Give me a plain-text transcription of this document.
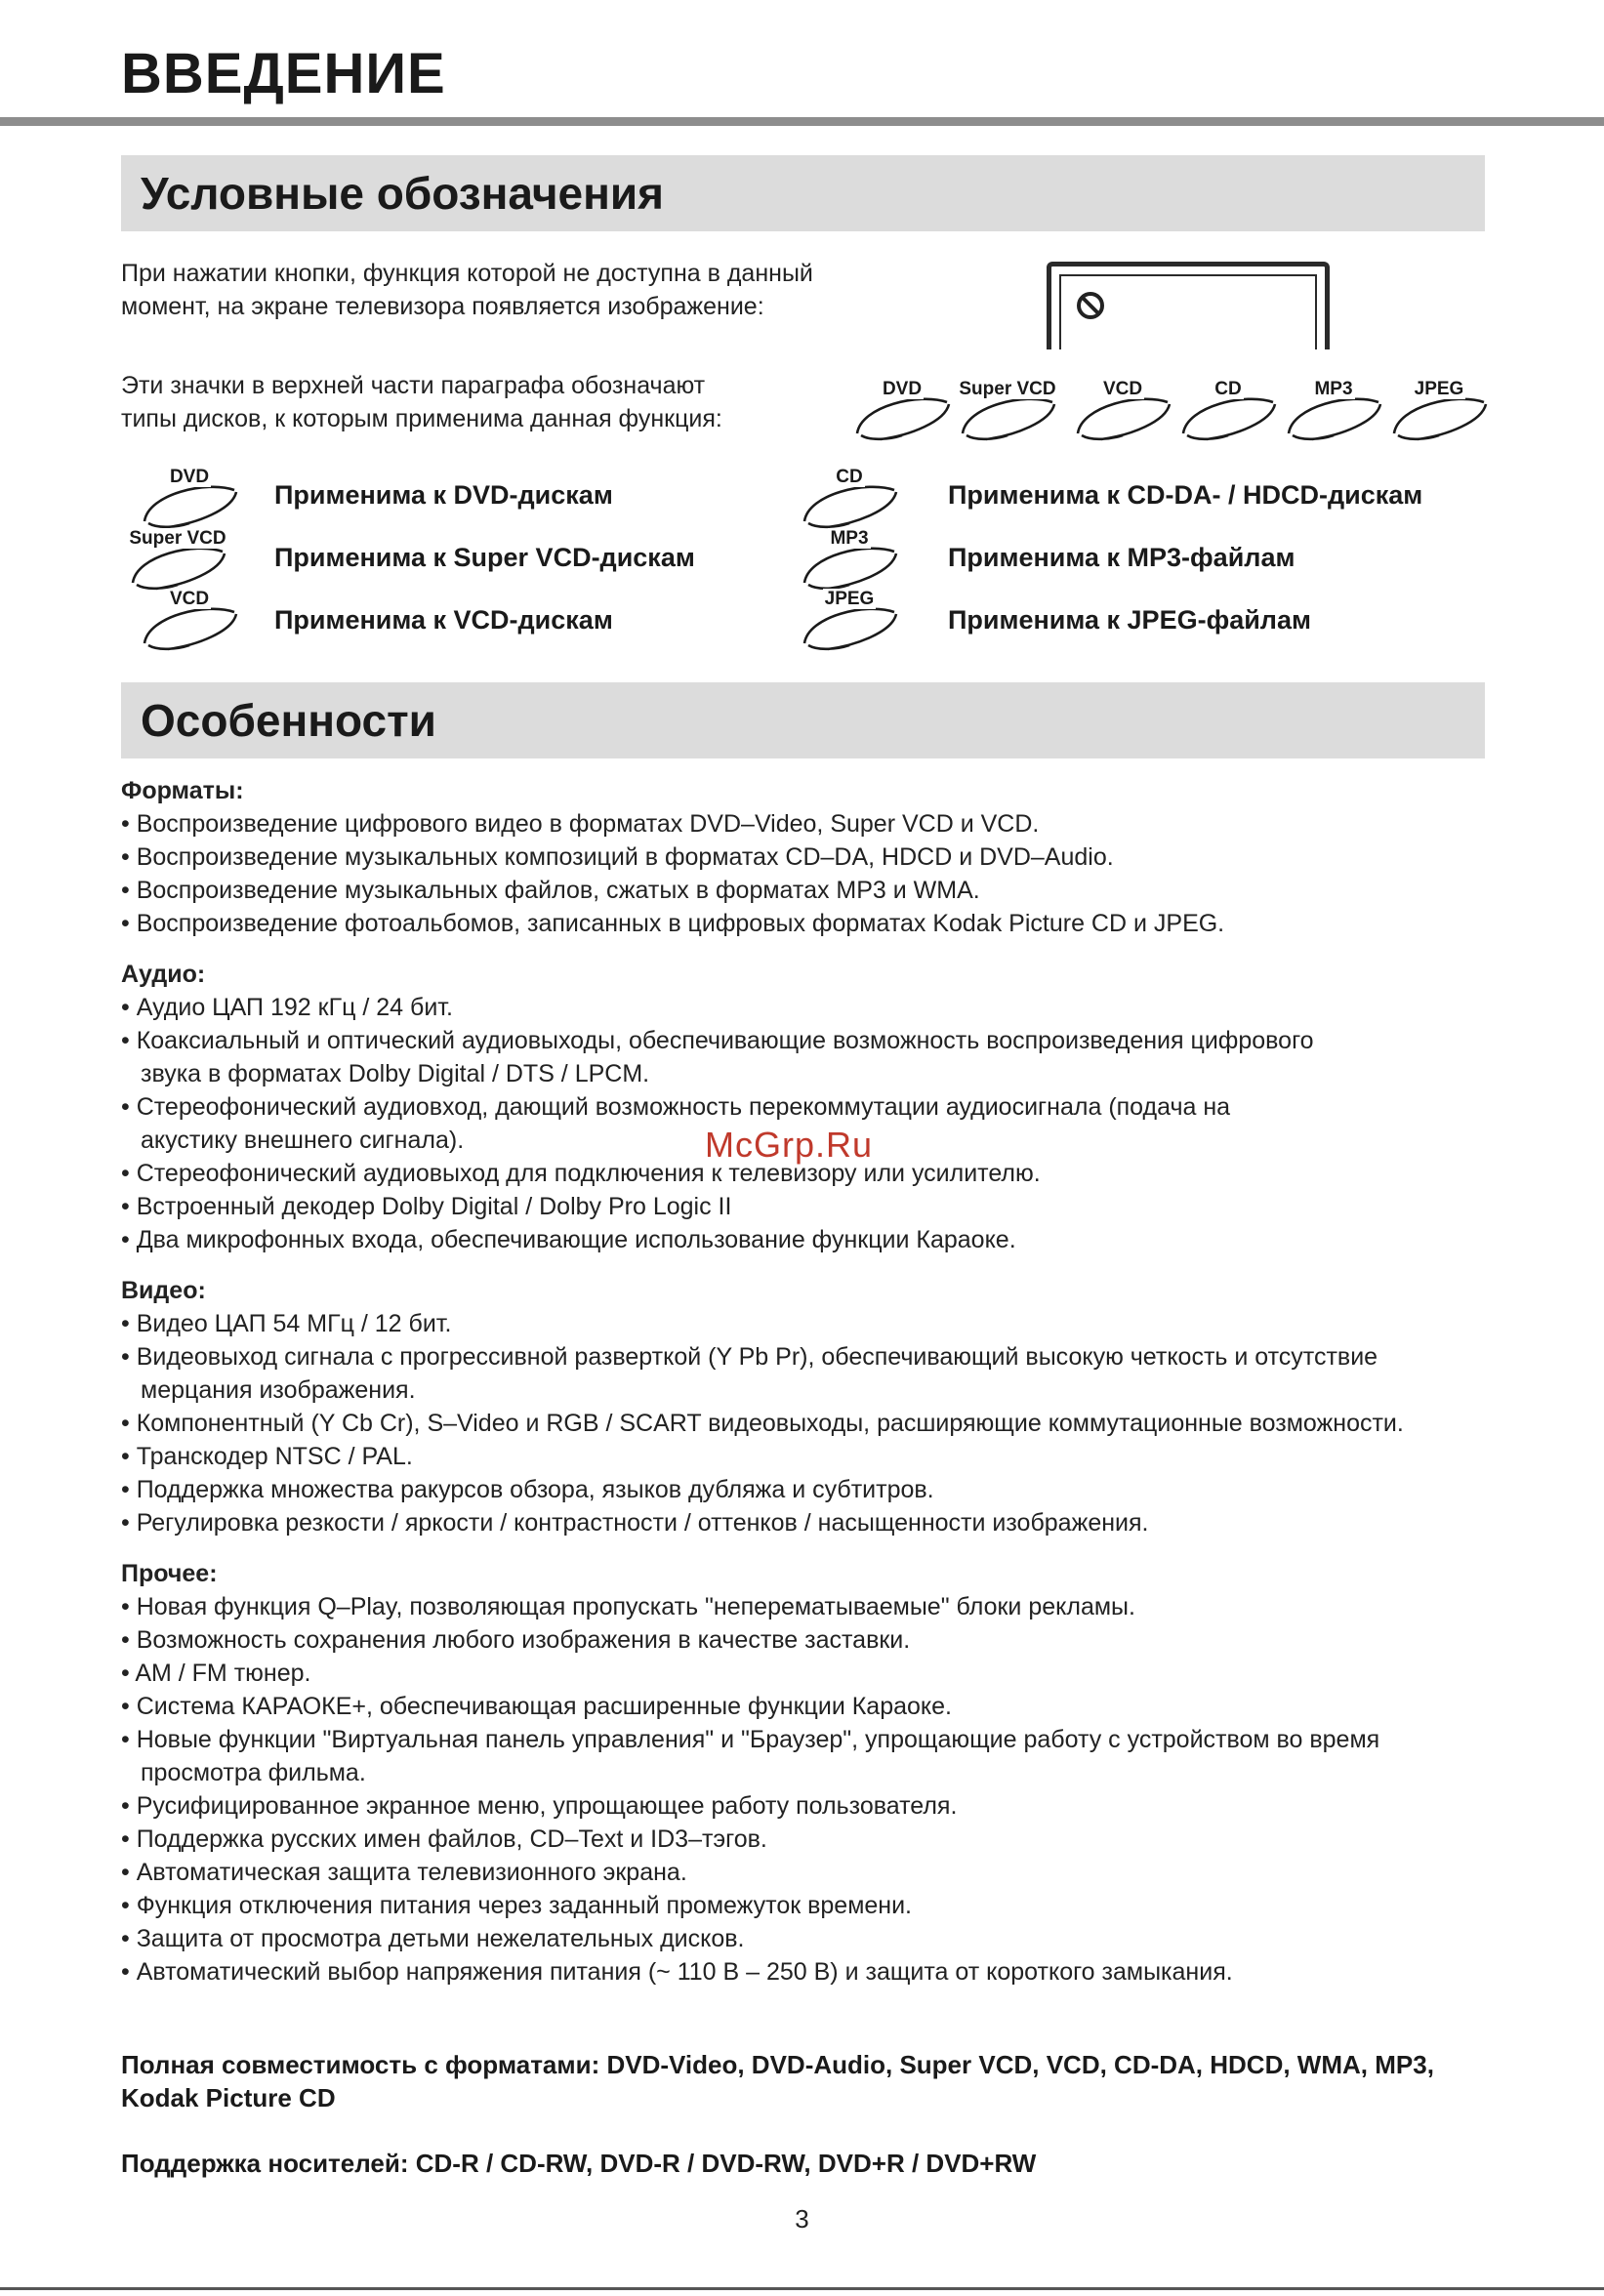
ВВЕДЕНИЕ
Условные обозначения

При нажатии кнопки, функция которой не доступна в данный
момент, на экране телевизора появляется изображение:

Эти значки в верхней части параграфа обозначают
типы дисков, к которым применима данная функция:

DVD	Super VCD	VCD	CD	MP3	JPEG
DVD
Применима к DVD-дискам
Super VCD
Применима к Super VCD-дискам
VCD
Применима к VCD-дискам
CD
Применима к CD-DA- / HDCD-дискам
MP3
Применима к MP3-файлам
JPEG
Применима к JPEG-файлам
Особенности
Форматы:
• Воспроизведение цифрового видео в форматах DVD–Video, Super VCD и VCD.
• Воспроизведение музыкальных композиций в форматах CD–DA, HDCD и DVD–Audio.
• Воспроизведение музыкальных файлов, сжатых в форматах MP3 и WMA.
• Воспроизведение фотоальбомов, записанных в цифровых форматах Kodak Picture CD и JPEG.
Аудио:
• Аудио ЦАП 192 кГц / 24 бит.
• Коаксиальный и оптический аудиовыходы, обеспечивающие возможность воспроизведения цифрового звука в форматах Dolby Digital / DTS / LPCM.
• Стереофонический аудиовход, дающий возможность перекоммутации аудиосигнала (подача на акустику внешнего сигнала).
• Стереофонический аудиовыход для подключения к телевизору или усилителю.
• Встроенный декодер Dolby Digital / Dolby Pro Logic II
• Два микрофонных входа, обеспечивающие использование функции Караоке.
Видео:
• Видео ЦАП 54 МГц / 12 бит.
• Видеовыход сигнала с прогрессивной разверткой (Y Pb Pr), обеспечивающий высокую четкость и отсутствие мерцания изображения.
• Компонентный (Y Cb Cr), S–Video и RGB / SCART видеовыходы, расширяющие коммутационные возможности.
• Транскодер NTSC / PAL.
• Поддержка множества ракурсов обзора, языков дубляжа и субтитров.
• Регулировка резкости / яркости / контрастности / оттенков / насыщенности изображения.
Прочее:
• Новая функция Q–Play, позволяющая пропускать "неперематываемые" блоки рекламы.
• Возможность сохранения любого изображения в качестве заставки.
• AM / FM тюнер.
• Система КАРАОКЕ+, обеспечивающая расширенные функции Караоке.
• Новые функции "Виртуальная панель управления" и "Браузер", упрощающие работу с устройством во время просмотра фильма.
• Русифицированное экранное меню, упрощающее работу пользователя.
• Поддержка русских имен файлов, CD–Text и ID3–тэгов.
• Автоматическая защита телевизионного экрана.
• Функция отключения питания через заданный промежуток времени.
• Защита от просмотра детьми нежелательных дисков.
• Автоматический выбор напряжения питания (~ 110 В – 250 В) и защита от короткого замыкания.

Полная совместимость с форматами: DVD-Video, DVD-Audio, Super VCD, VCD, CD-DA, HDCD, WMA, MP3, Kodak Picture CD

Поддержка носителей: CD-R / CD-RW, DVD-R / DVD-RW, DVD+R / DVD+RW

McGrp.Ru
3
